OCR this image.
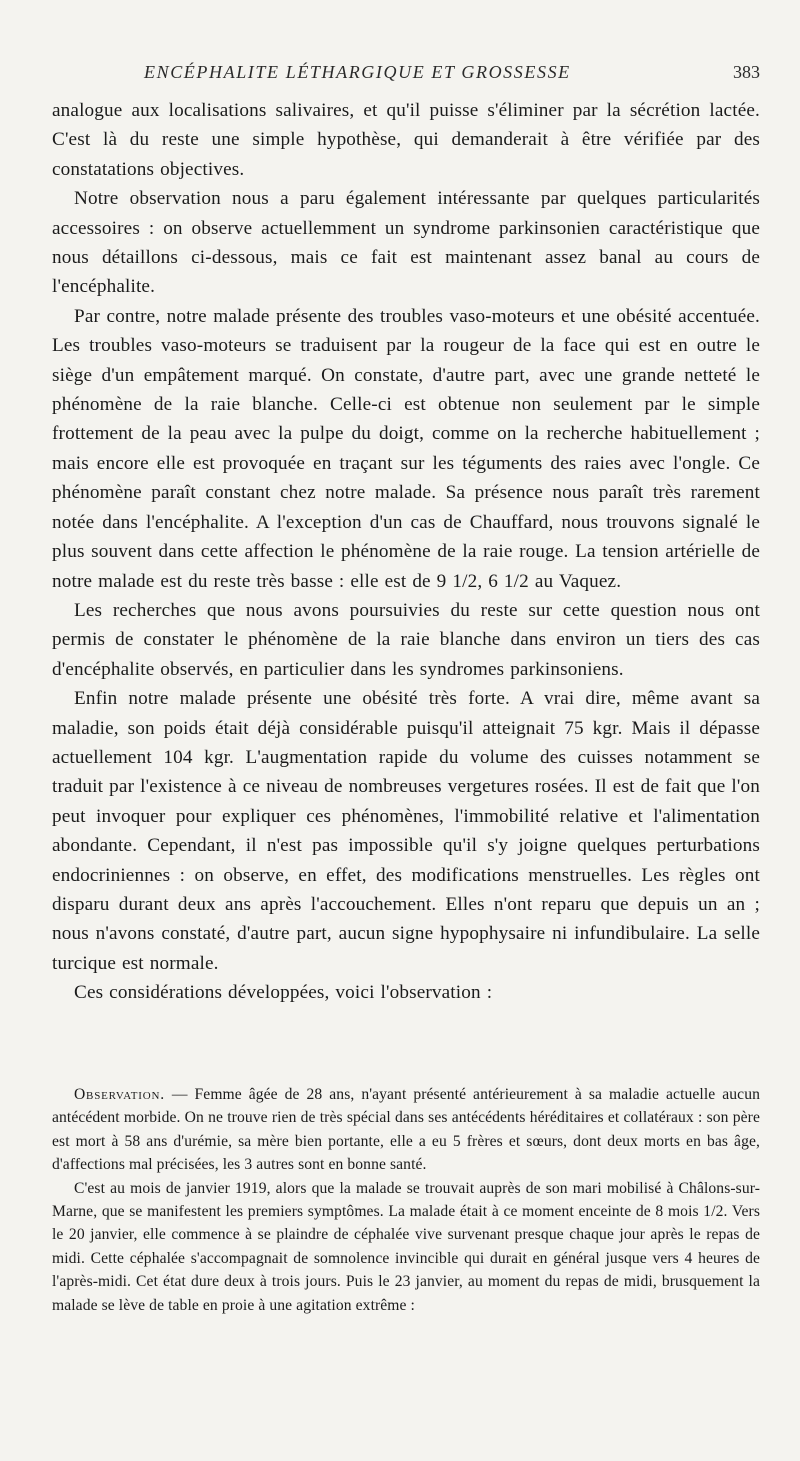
ENCÉPHALITE LÉTHARGIQUE ET GROSSESSE	383

analogue aux localisations salivaires, et qu'il puisse s'éliminer par la sécrétion lactée. C'est là du reste une simple hypothèse, qui demanderait à être vérifiée par des constatations objectives.

Notre observation nous a paru également intéressante par quelques particularités accessoires : on observe actuellemment un syndrome parkinsonien caractéristique que nous détaillons ci-dessous, mais ce fait est maintenant assez banal au cours de l'encéphalite.

Par contre, notre malade présente des troubles vaso-moteurs et une obésité accentuée. Les troubles vaso-moteurs se traduisent par la rougeur de la face qui est en outre le siège d'un empâtement marqué. On constate, d'autre part, avec une grande netteté le phénomène de la raie blanche. Celle-ci est obtenue non seulement par le simple frottement de la peau avec la pulpe du doigt, comme on la recherche habituellement ; mais encore elle est provoquée en traçant sur les téguments des raies avec l'ongle. Ce phénomène paraît constant chez notre malade. Sa présence nous paraît très rarement notée dans l'encéphalite. A l'exception d'un cas de Chauffard, nous trouvons signalé le plus souvent dans cette affection le phénomène de la raie rouge. La tension artérielle de notre malade est du reste très basse : elle est de 9 1/2, 6 1/2 au Vaquez.

Les recherches que nous avons poursuivies du reste sur cette question nous ont permis de constater le phénomène de la raie blanche dans environ un tiers des cas d'encéphalite observés, en particulier dans les syndromes parkinsoniens.

Enfin notre malade présente une obésité très forte. A vrai dire, même avant sa maladie, son poids était déjà considérable puisqu'il atteignait 75 kgr. Mais il dépasse actuellement 104 kgr. L'augmentation rapide du volume des cuisses notamment se traduit par l'existence à ce niveau de nombreuses vergetures rosées. Il est de fait que l'on peut invoquer pour expliquer ces phénomènes, l'immobilité relative et l'alimentation abondante. Cependant, il n'est pas impossible qu'il s'y joigne quelques perturbations endocriniennes : on observe, en effet, des modifications menstruelles. Les règles ont disparu durant deux ans après l'accouchement. Elles n'ont reparu que depuis un an ; nous n'avons constaté, d'autre part, aucun signe hypophysaire ni infundibulaire. La selle turcique est normale.

Ces considérations développées, voici l'observation :

Observation. — Femme âgée de 28 ans, n'ayant présenté antérieurement à sa maladie actuelle aucun antécédent morbide. On ne trouve rien de très spécial dans ses antécédents héréditaires et collatéraux : son père est mort à 58 ans d'urémie, sa mère bien portante, elle a eu 5 frères et sœurs, dont deux morts en bas âge, d'affections mal précisées, les 3 autres sont en bonne santé.

C'est au mois de janvier 1919, alors que la malade se trouvait auprès de son mari mobilisé à Châlons-sur-Marne, que se manifestent les premiers symptômes. La malade était à ce moment enceinte de 8 mois 1/2. Vers le 20 janvier, elle commence à se plaindre de céphalée vive survenant presque chaque jour après le repas de midi. Cette céphalée s'accompagnait de somnolence invincible qui durait en général jusque vers 4 heures de l'après-midi. Cet état dure deux à trois jours. Puis le 23 janvier, au moment du repas de midi, brusquement la malade se lève de table en proie à une agitation extrême :
